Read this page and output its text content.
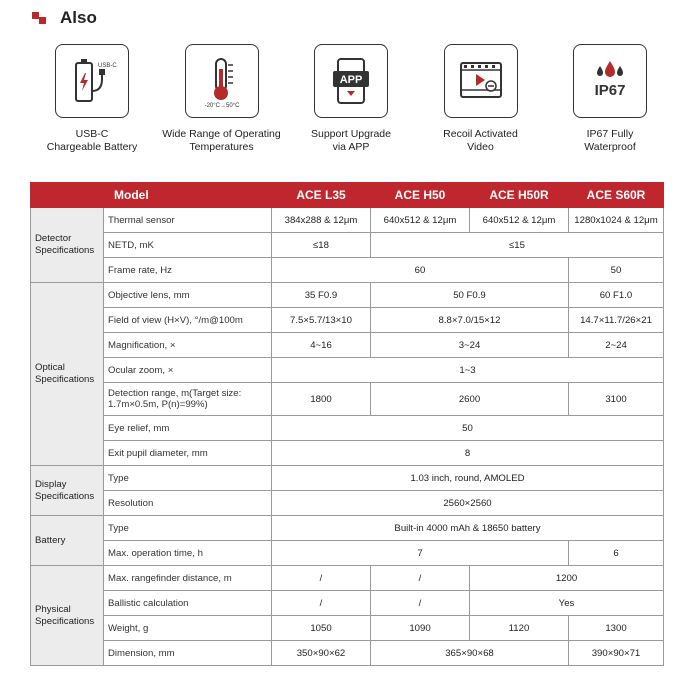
Also
USB-C
USB-C
Chargeable Battery
-20°C→50°C
Wide Range of Operating
Temperatures
APP
Support Upgrade
via APP
Recoil Activated
Video
IP67
IP67 Fully
Waterproof
	Model	ACE L35	ACE H50	ACE H50R	ACE S60R
Detector Specifications	Thermal sensor	384x288 & 12μm	640x512 & 12μm	640x512 & 12μm	1280x1024 & 12μm
	NETD, mK	≤18	≤15		
	Frame rate, Hz	60			50
Optical Specifications	Objective lens, mm	35 F0.9	50 F0.9		60 F1.0
	Field of view (H×V), °/m@100m	7.5×5.7/13×10	8.8×7.0/15×12		14.7×11.7/26×21
	Magnification, ×	4~16	3~24		2~24
	Ocular zoom, ×	1~3			
	Detection range, m(Target size: 1.7m×0.5m, P(n)=99%)	1800	2600		3100
	Eye relief, mm	50			
	Exit pupil diameter, mm	8			
Display Specifications	Type	1.03 inch, round, AMOLED			
	Resolution	2560×2560			
Battery	Type	Built-in 4000 mAh & 18650 battery			
	Max. operation time, h	7			6
Physical Specifications	Max. rangefinder distance, m	/	/	1200	
	Ballistic calculation	/	/	Yes	
	Weight, g	1050	1090	1120	1300
	Dimension, mm	350×90×62	365×90×68		390×90×71
